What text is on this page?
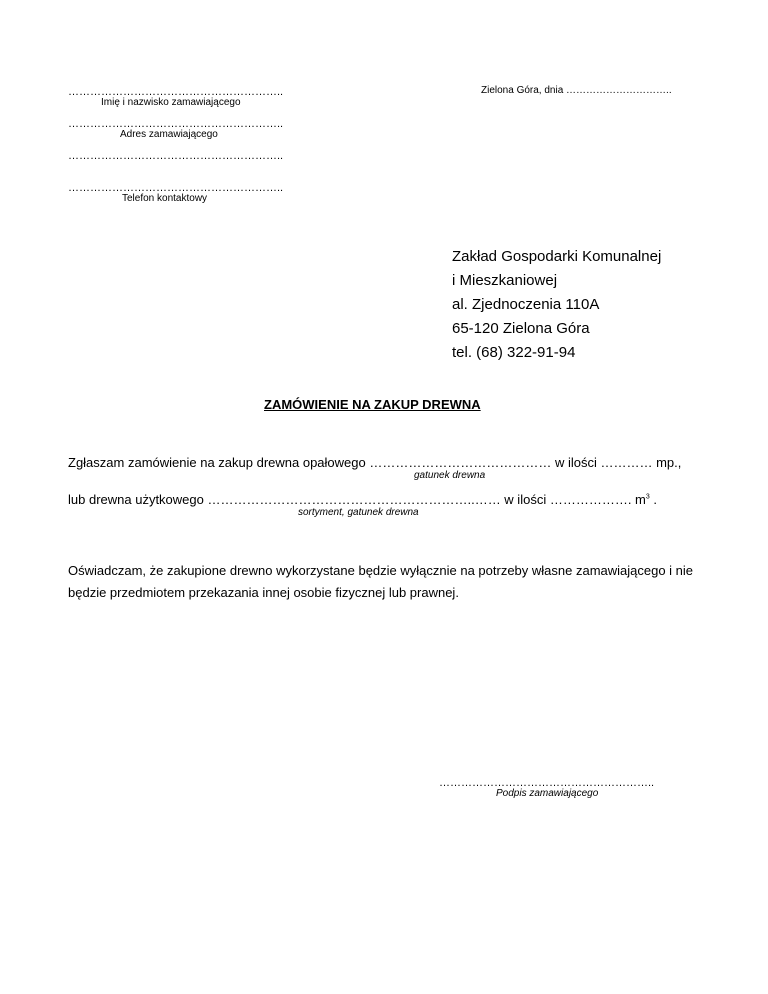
…………………………………………………..
Imię i nazwisko zamawiającego
…………………………………………………..
Adres zamawiającego
…………………………………………………..
…………………………………………………..
Telefon kontaktowy
Zielona Góra, dnia …………………………..
Zakład Gospodarki Komunalnej
i Mieszkaniowej
al. Zjednoczenia 110A
65-120 Zielona Góra
tel. (68) 322-91-94
ZAMÓWIENIE NA ZAKUP DREWNA
Zgłaszam zamówienie na zakup drewna opałowego …………………………………… w ilości ………… mp.,
gatunek drewna
lub drewna użytkowego ……………………………………………………..…… w ilości ………………. $m^3$ .
sortyment, gatunek drewna
Oświadczam, że zakupione drewno wykorzystane będzie wyłącznie na potrzeby własne zamawiającego i nie
będzie przedmiotem przekazania innej osobie fizycznej lub prawnej.
…………………………………………………..
Podpis zamawiającego
